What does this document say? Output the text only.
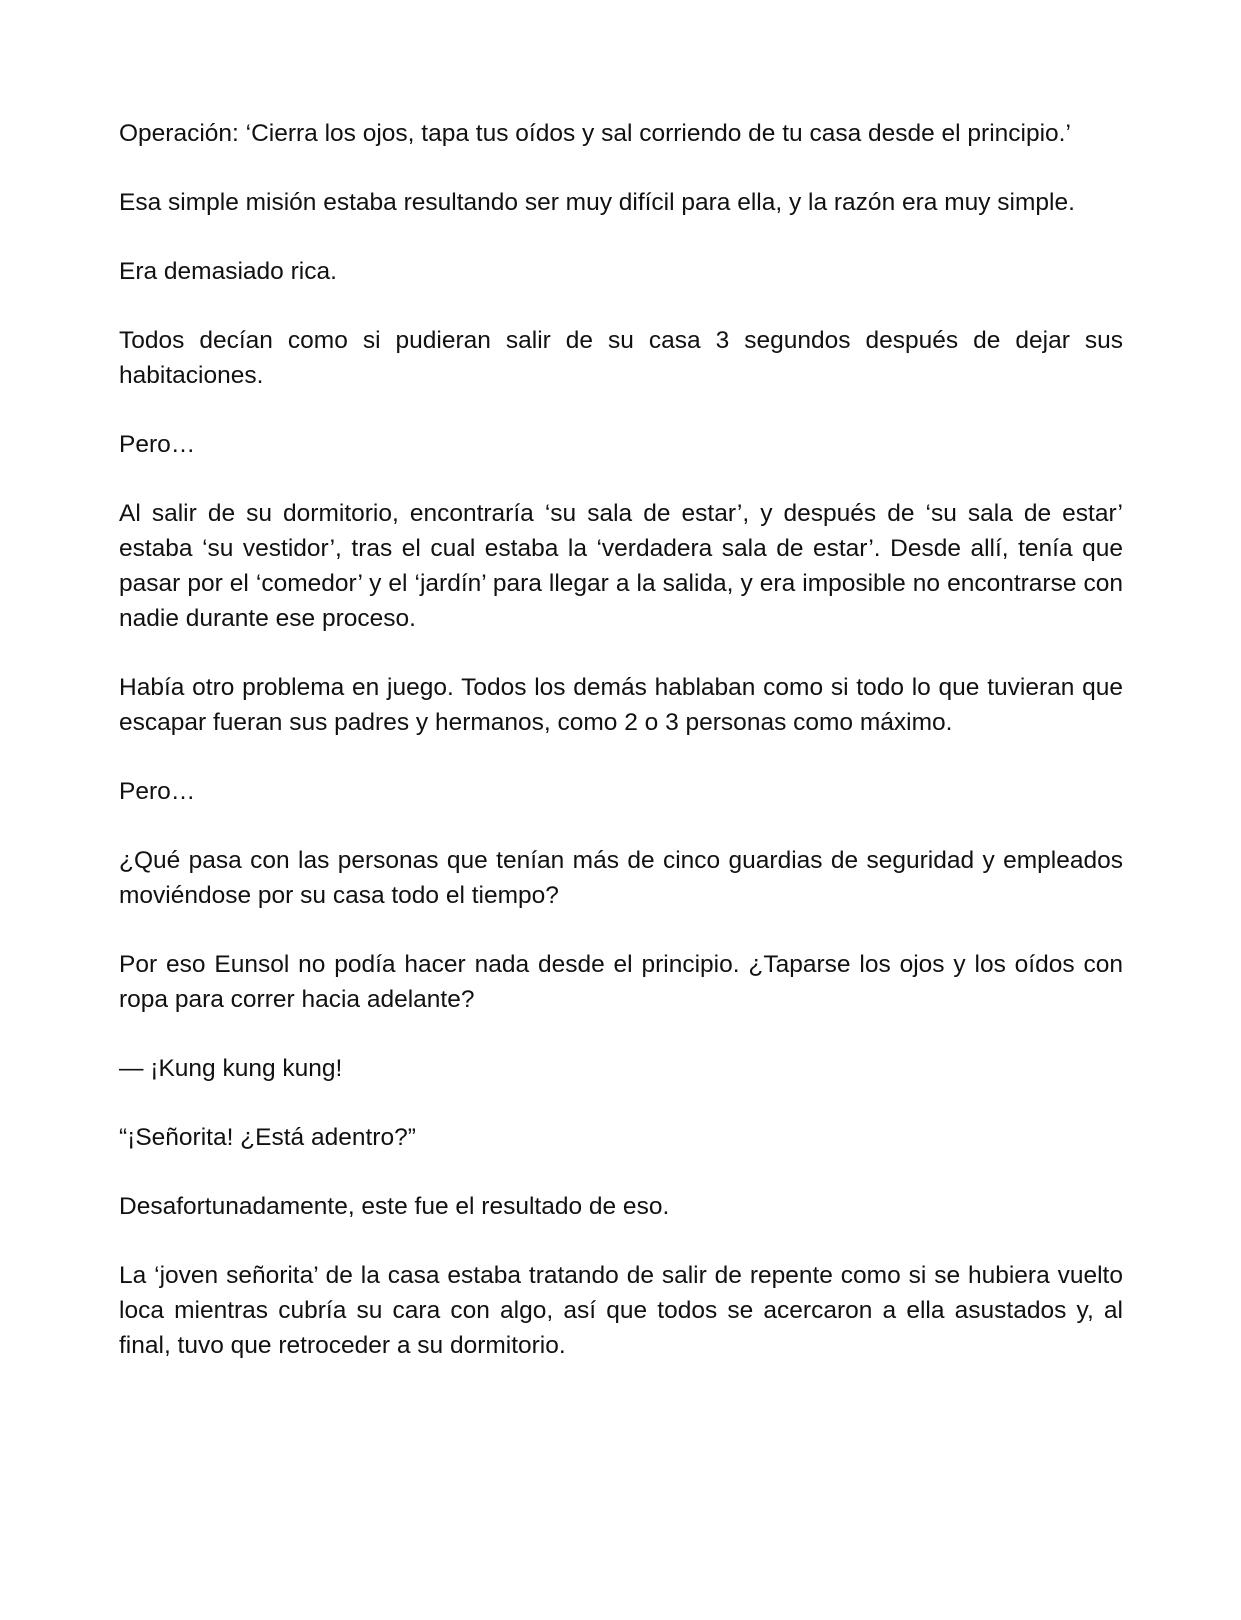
Operación: ‘Cierra los ojos, tapa tus oídos y sal corriendo de tu casa desde el principio.’

Esa simple misión estaba resultando ser muy difícil para ella, y la razón era muy simple.

Era demasiado rica.

Todos decían como si pudieran salir de su casa 3 segundos después de dejar sus habitaciones.

Pero…

Al salir de su dormitorio, encontraría ‘su sala de estar’, y después de ‘su sala de estar’ estaba ‘su vestidor’, tras el cual estaba la ‘verdadera sala de estar’. Desde allí, tenía que pasar por el ‘comedor’ y el ‘jardín’ para llegar a la salida, y era imposible no encontrarse con nadie durante ese proceso.

Había otro problema en juego. Todos los demás hablaban como si todo lo que tuvieran que escapar fueran sus padres y hermanos, como 2 o 3 personas como máximo.

Pero…

¿Qué pasa con las personas que tenían más de cinco guardias de seguridad y empleados moviéndose por su casa todo el tiempo?

Por eso Eunsol no podía hacer nada desde el principio. ¿Taparse los ojos y los oídos con ropa para correr hacia adelante?

— ¡Kung kung kung!

“¡Señorita! ¿Está adentro?”

Desafortunadamente, este fue el resultado de eso.

La ‘joven señorita’ de la casa estaba tratando de salir de repente como si se hubiera vuelto loca mientras cubría su cara con algo, así que todos se acercaron a ella asustados y, al final, tuvo que retroceder a su dormitorio.
